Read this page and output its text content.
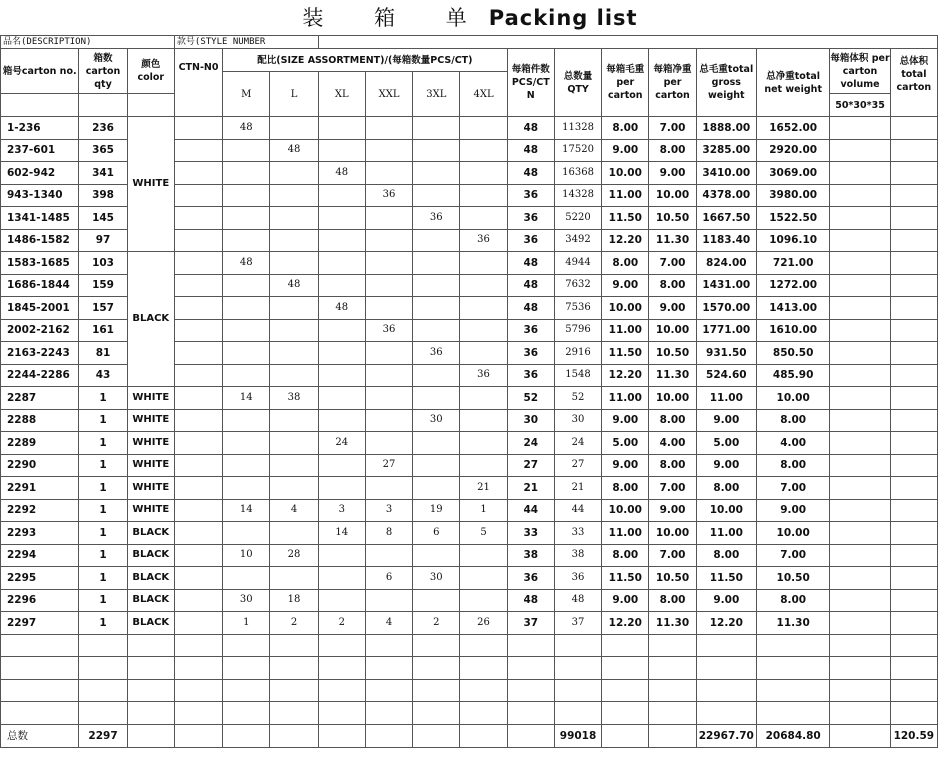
装 箱 单Packing list
品名(DESCRIPTION)			款号(STYLE NUMBER														
箱号carton no.	箱数 carton qty	颜色 color	CTN-N0	配比(SIZE ASSORTMENT)/(每箱数量PCS/CT)						每箱件数 PCS/CT N	总数量 QTY	每箱毛重per carton	每箱净重per carton	总毛重total gross weight	总净重total net weight	每箱体积 per carton volume	总体积 total carton
				M	L	XL	XXL	3XL	4XL								
																50*30*35	
1-236	236	WHITE		48						48	11328	8.00	7.00	1888.00	1652.00		
237-601	365				48					48	17520	9.00	8.00	3285.00	2920.00		
602-942	341					48				48	16368	10.00	9.00	3410.00	3069.00		
943-1340	398						36			36	14328	11.00	10.00	4378.00	3980.00		
1341-1485	145							36		36	5220	11.50	10.50	1667.50	1522.50		
1486-1582	97								36	36	3492	12.20	11.30	1183.40	1096.10		
1583-1685	103	BLACK		48						48	4944	8.00	7.00	824.00	721.00		
1686-1844	159				48					48	7632	9.00	8.00	1431.00	1272.00		
1845-2001	157					48				48	7536	10.00	9.00	1570.00	1413.00		
2002-2162	161						36			36	5796	11.00	10.00	1771.00	1610.00		
2163-2243	81							36		36	2916	11.50	10.50	931.50	850.50		
2244-2286	43								36	36	1548	12.20	11.30	524.60	485.90		
2287	1	WHITE		14	38					52	52	11.00	10.00	11.00	10.00		
2288	1	WHITE						30		30	30	9.00	8.00	9.00	8.00		
2289	1	WHITE				24				24	24	5.00	4.00	5.00	4.00		
2290	1	WHITE					27			27	27	9.00	8.00	9.00	8.00		
2291	1	WHITE							21	21	21	8.00	7.00	8.00	7.00		
2292	1	WHITE		14	4	3	3	19	1	44	44	10.00	9.00	10.00	9.00		
2293	1	BLACK				14	8	6	5	33	33	11.00	10.00	11.00	10.00		
2294	1	BLACK		10	28					38	38	8.00	7.00	8.00	7.00		
2295	1	BLACK					6	30		36	36	11.50	10.50	11.50	10.50		
2296	1	BLACK		30	18					48	48	9.00	8.00	9.00	8.00		
2297	1	BLACK		1	2	2	4	2	26	37	37	12.20	11.30	12.20	11.30		

总数	2297										99018			22967.70	20684.80		120.59
